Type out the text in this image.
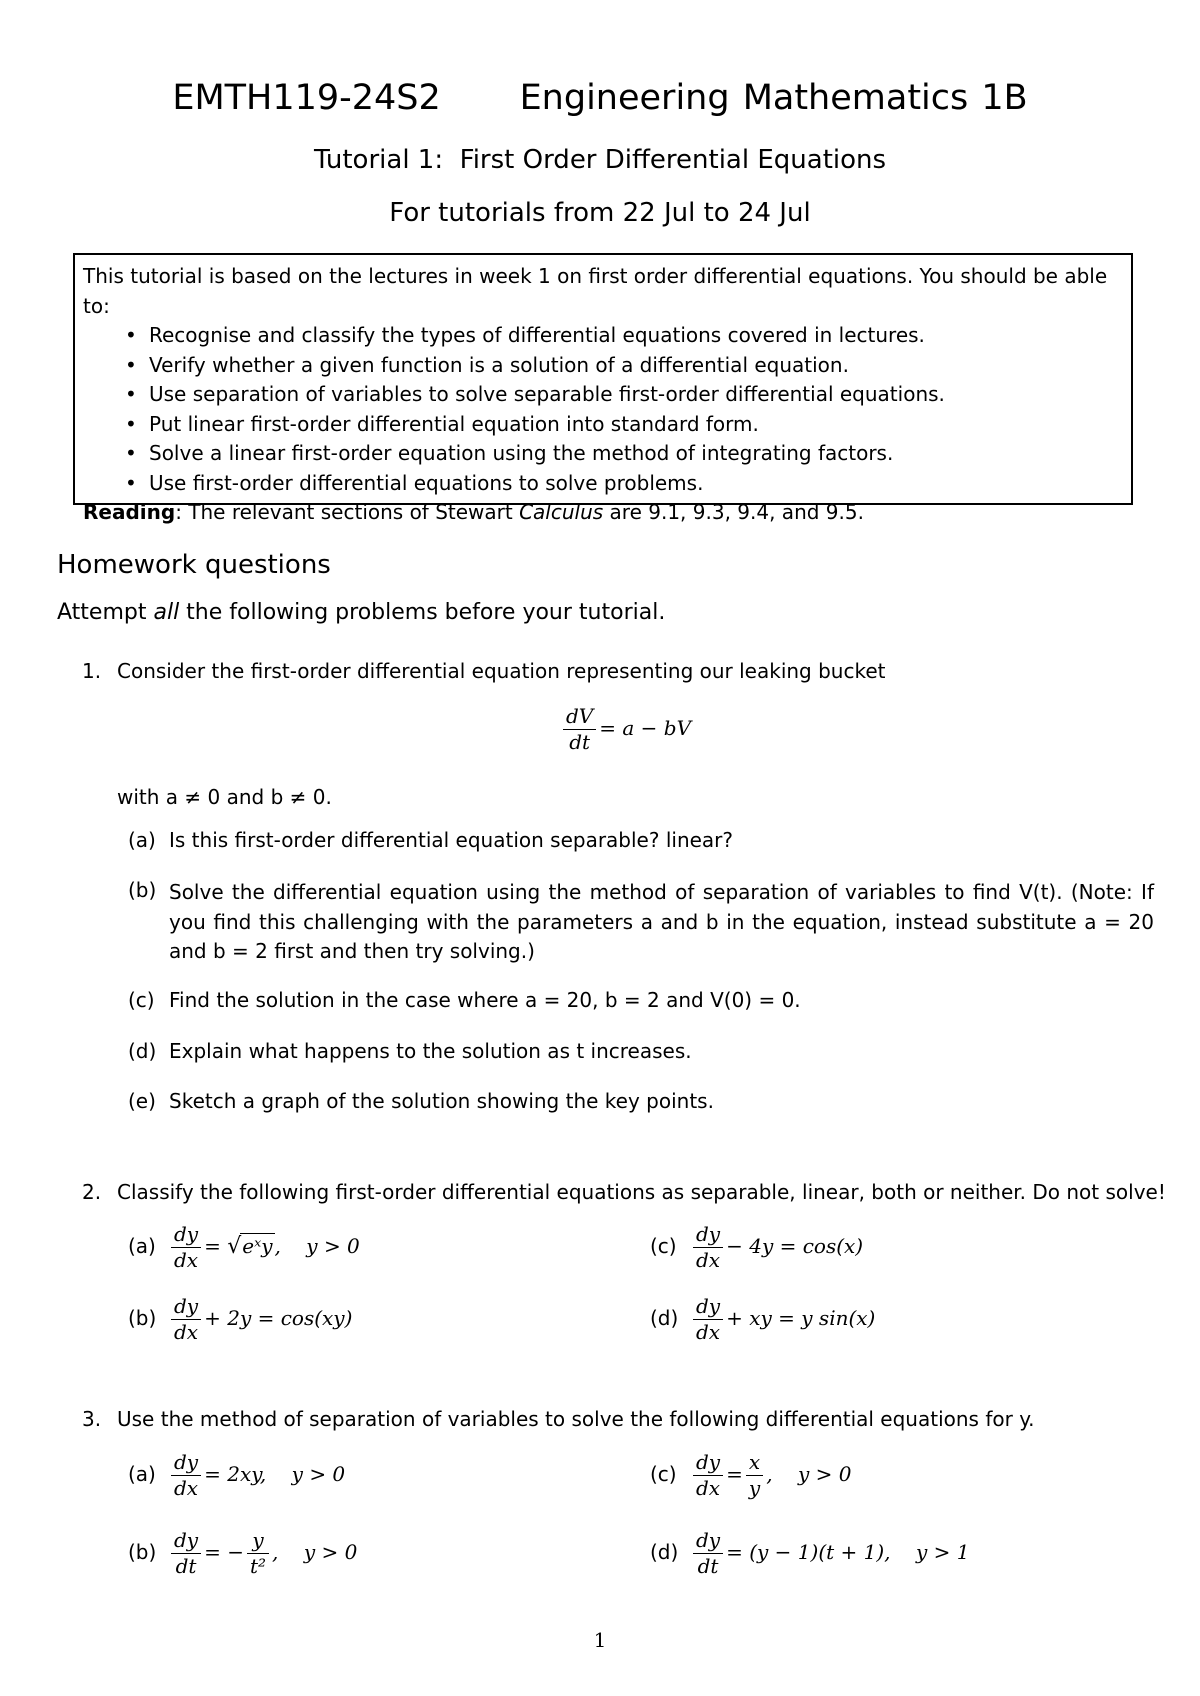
EMTH119-24S2 Engineering Mathematics 1B
Tutorial 1:  First Order Differential Equations
For tutorials from 22 Jul to 24 Jul
This tutorial is based on the lectures in week 1 on first order differential equations. You should be able to:
• Recognise and classify the types of differential equations covered in lectures.
• Verify whether a given function is a solution of a differential equation.
• Use separation of variables to solve separable first-order differential equations.
• Put linear first-order differential equation into standard form.
• Solve a linear first-order equation using the method of integrating factors.
• Use first-order differential equations to solve problems.
Reading: The relevant sections of Stewart Calculus are 9.1, 9.3, 9.4, and 9.5.
Homework questions
Attempt all the following problems before your tutorial.
1. Consider the first-order differential equation representing our leaking bucket
$\frac{dV}{dt} = a$ − bV
with a ≠ 0 and b ≠ 0.
(a) Is this first-order differential equation separable? linear?
(b) Solve the differential equation using the method of separation of variables to find V(t). (Note: If you find this challenging with the parameters a and b in the equation, instead substitute a = 20 and b = 2 first and then try solving.)
(c) Find the solution in the case where a = 20, b = 2 and V(0) = 0.
(d) Explain what happens to the solution as t increases.
(e) Sketch a graph of the solution showing the key points.
2. Classify the following first-order differential equations as separable, linear, both or neither. Do not solve!
$(a) \frac{dy}{dx}$ = √eˣy ,    y > 0	$(c) \frac{dy}{dx} - 4y = \cos(x)$
$(b) \frac{dy}{dx} + 2y = \cos(xy)$	$(d) \frac{dy}{dx}$ + xy = y sin(x)
3. Use the method of separation of variables to solve the following differential equations for y.
$(a) \frac{dy}{dx} = 2xy$,    y > 0	$(c) \frac{dy}{dx} = \frac{x}{y}$ ,    y > 0
$(b) \frac{dy}{dt}$ = − $\frac{y}{\text{t²}}$ ,    y > 0	$(d) \frac{dy}{dt} = (y - 1)(t + 1)$,    y > 1
1
